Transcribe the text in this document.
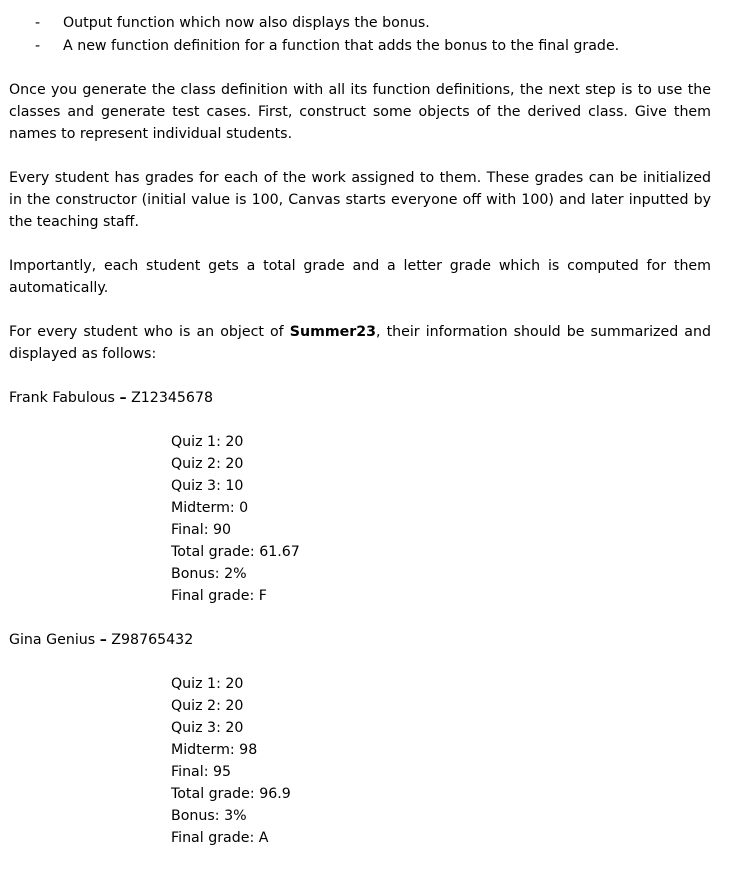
- Output function which now also displays the bonus.
- A new function definition for a function that adds the bonus to the final grade.
Once you generate the class definition with all its function definitions, the next step is to use the
classes and generate test cases. First, construct some objects of the derived class. Give them
names to represent individual students.
Every student has grades for each of the work assigned to them. These grades can be initialized
in the constructor (initial value is 100, Canvas starts everyone off with 100) and later inputted by
the teaching staff.
Importantly, each student gets a total grade and a letter grade which is computed for them
automatically.
For every student who is an object of Summer23, their information should be summarized and
displayed as follows:
Frank Fabulous – Z12345678
Quiz 1: 20
Quiz 2: 20
Quiz 3: 10
Midterm: 0
Final: 90
Total grade: 61.67
Bonus: 2%
Final grade: F
Gina Genius – Z98765432
Quiz 1: 20
Quiz 2: 20
Quiz 3: 20
Midterm: 98
Final: 95
Total grade: 96.9
Bonus: 3%
Final grade: A
